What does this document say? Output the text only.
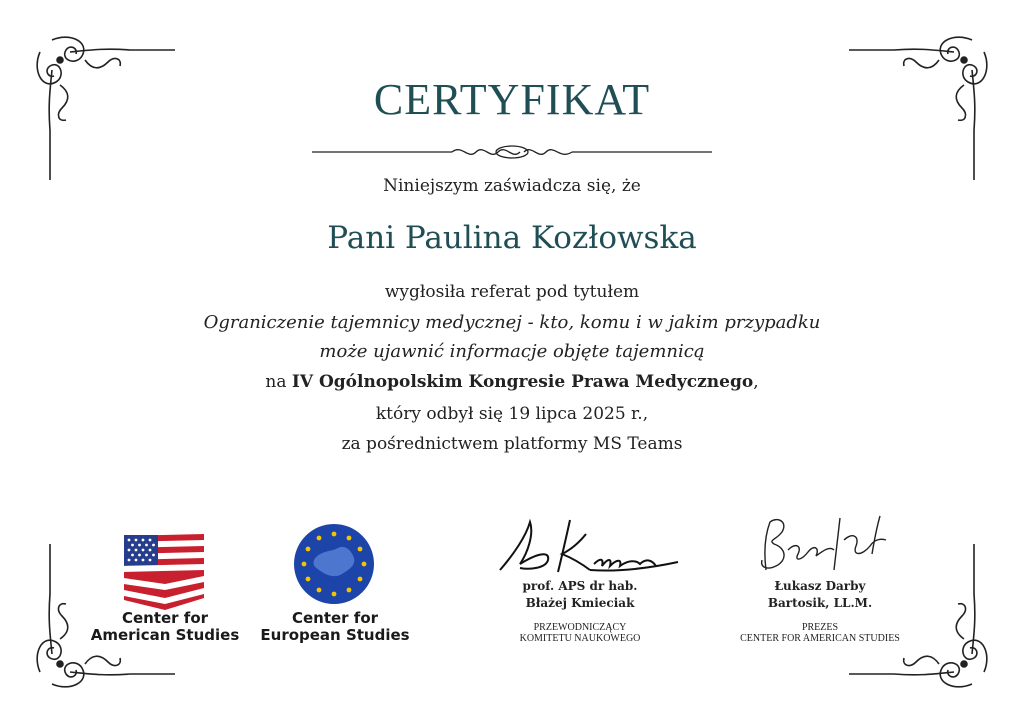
CERTYFIKAT
Niniejszym zaświadcza się, że
Pani Paulina Kozłowska
wygłosiła referat pod tytułem
Ograniczenie tajemnicy medycznej - kto, komu i w jakim przypadku
może ujawnić informacje objęte tajemnicą
na IV Ogólnopolskim Kongresie Prawa Medycznego,
który odbył się 19 lipca 2025 r.,
za pośrednictwem platformy MS Teams
Center for
American Studies
Center for
European Studies
prof. APS dr hab.
Błażej Kmieciak
PRZEWODNICZĄCY
KOMITETU NAUKOWEGO
Łukasz Darby
Bartosik, LL.M.
PREZES
CENTER FOR AMERICAN STUDIES
